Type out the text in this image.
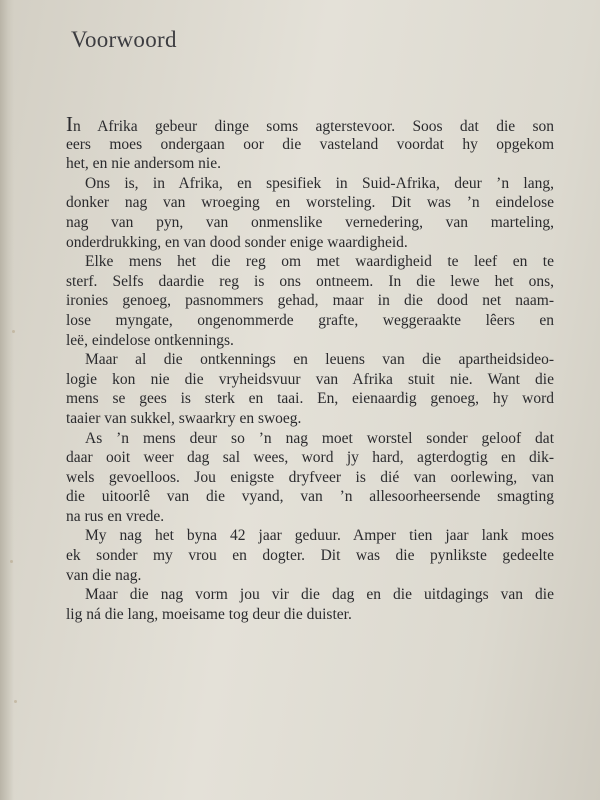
Voorwoord
In Afrika gebeur dinge soms agterstevoor. Soos dat die son
eers moes ondergaan oor die vasteland voordat hy opgekom
het, en nie andersom nie.
Ons is, in Afrika, en spesifiek in Suid-Afrika, deur ’n lang,
donker nag van wroeging en worsteling. Dit was ’n eindelose
nag van pyn, van onmenslike vernedering, van marteling,
onderdrukking, en van dood sonder enige waardigheid.
Elke mens het die reg om met waardigheid te leef en te
sterf. Selfs daardie reg is ons ontneem. In die lewe het ons,
ironies genoeg, pasnommers gehad, maar in die dood net naam-
lose myngate, ongenommerde grafte, weggeraakte lêers en
leë, eindelose ontkennings.
Maar al die ontkennings en leuens van die apartheidsideo-
logie kon nie die vryheidsvuur van Afrika stuit nie. Want die
mens se gees is sterk en taai. En, eienaardig genoeg, hy word
taaier van sukkel, swaarkry en swoeg.
As ’n mens deur so ’n nag moet worstel sonder geloof dat
daar ooit weer dag sal wees, word jy hard, agterdogtig en dik-
wels gevoelloos. Jou enigste dryfveer is dié van oorlewing, van
die uitoorlê van die vyand, van ’n allesoorheersende smagting
na rus en vrede.
My nag het byna 42 jaar geduur. Amper tien jaar lank moes
ek sonder my vrou en dogter. Dit was die pynlikste gedeelte
van die nag.
Maar die nag vorm jou vir die dag en die uitdagings van die
lig ná die lang, moeisame tog deur die duister.
